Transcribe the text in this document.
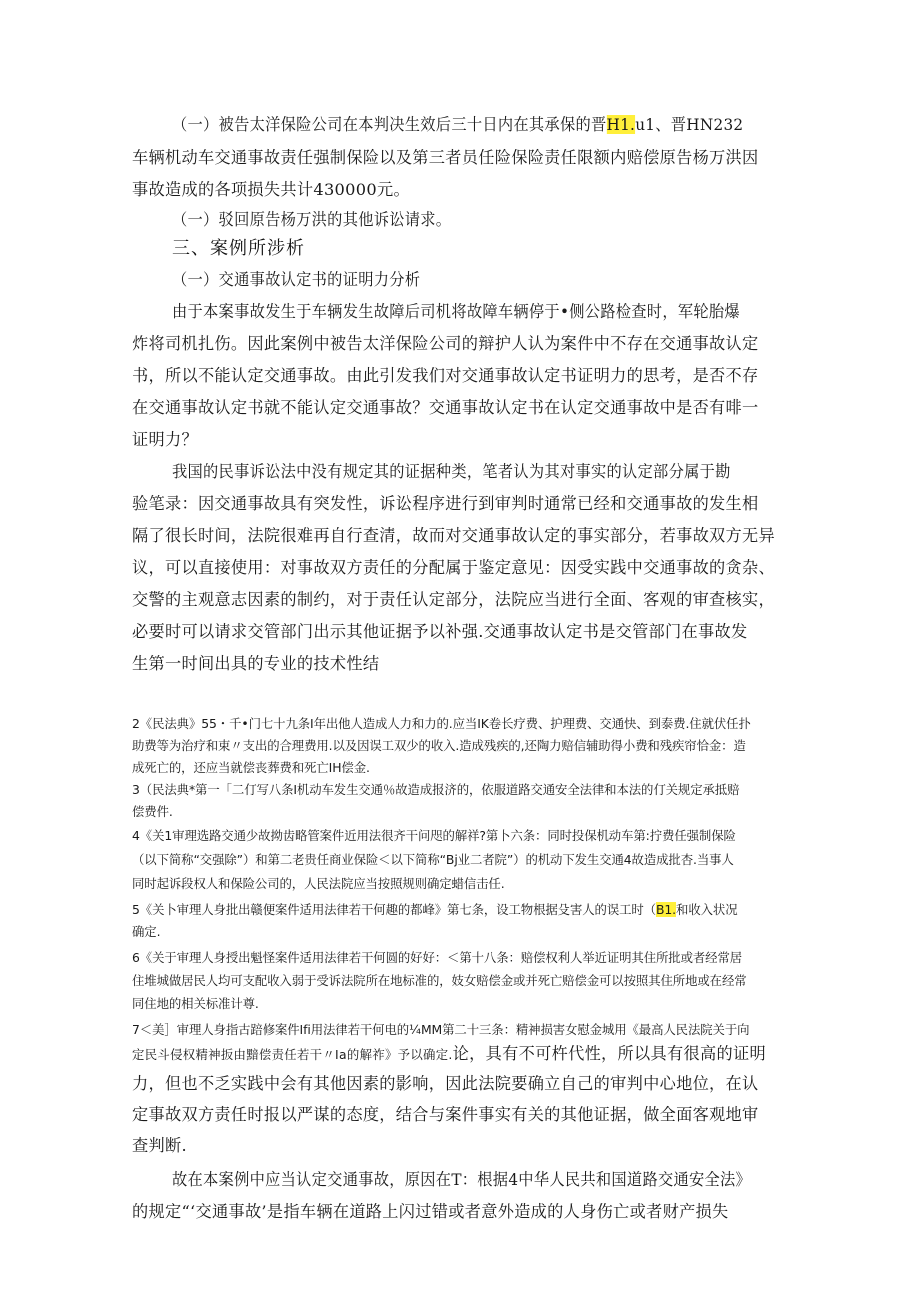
（一）被告太洋保险公司在本判决生效后三十日内在其承保的晋H1.u1、晋HN232
车辆机动车交通事故责任强制保险以及第三者员任险保险责任限额内赔偿原告杨万洪因
事故造成的各项损失共计430000元。
（一）驳回原告杨万洪的其他诉讼请求。
三、案例所涉析
（一）交通事故认定书的证明力分析
由于本案事故发生于车辆发生故障后司机将故障车辆停于•侧公路检查时，军轮胎爆
炸将司机扎伤。因此案例中被告太洋保险公司的辩护人认为案件中不存在交通事故认定
书，所以不能认定交通事故。由此引发我们对交通事故认定书证明力的思考，是否不存
在交通事故认定书就不能认定交通事故？交通事故认定书在认定交通事故中是否有啡一
证明力？
我国的民事诉讼法中没有规定其的证据种类，笔者认为其对事实的认定部分属于勘
验笔录：因交通事故具有突发性，诉讼程序进行到审判时通常已经和交通事故的发生相
隔了很长时间，法院很难再自行查清，故而对交通事故认定的事实部分，若事故双方无异
议，可以直接使用：对事故双方责任的分配属于鉴定意见：因受实践中交通事故的贪杂、
交警的主观意志因素的制约，对于责任认定部分，法院应当进行全面、客观的审查核实，
必要时可以请求交管部门出示其他证据予以补强.交通事故认定书是交管部门在事故发
生第一时间出具的专业的技术性结
2《民法典》55・千•门七十九条I年出他人造成人力和力的.应当IK卷长疗费、护理费、交通快、到泰费.住就伏任扑
助费等为治疗和束〃支出的合理费用.以及因误工双少的收入.造成残疾的,还陶力赔信辅助得小费和残疾帘恰金：造
成死亡的，还应当就偿丧葬费和死亡IH偿金.
3（民法典*第一「二仃写八条I机动车发生交通％故造成报济的，依服道路交通安全法律和本法的仃关规定承抵赔
偿费件.
4《关1审理选路交通少故拗齿略管案件近用法很齐干问咫的解祥?第卜六条：同时投保机动车第:拧费任强制保险
（以下简称“交强除”）和第二老贵任商业保险＜以下简称“Bj业二者院”）的机动下发生交通4故造成批杏.当事人
同时起诉段权人和保险公司的，人民法院应当按照规则确定蜡信击任.
5《关卜审理人身批出赣便案件适用法律若干何趣的都峰》第七条，设工物根据殳害人的误工时（B1.和收入状况
确定.
6《关于审理人身授出魁怪案件适用法律若干何圆的好好：＜第十八条：赔偿权利人举近证明其住所批或者经常居
住堆城做居民人均可支配收入弱于受诉法院所在地标准的，妓女赔偿金或并死亡赔偿金可以按照其住所地或在经常
同住地的相关标准计尊.
7＜美］审理人身指古踣修案件Ifi用法律若干何电的¼MM第二十三条：精神损害女慰金城用《最高人民法院关于向
定民斗侵权精神扳由黯偿责任若干〃Ia的解祚》予以确定.论，具有不可杵代性，所以具有很高的证明
力，但也不乏实践中会有其他因素的影响，因此法院要确立自己的审判中心地位，在认
定事故双方责任时报以严谋的态度，结合与案件事实有关的其他证据，做全面客观地审
查判断.
故在本案例中应当认定交通事故，原因在T：根据4中华人民共和国道路交通安全法》
的规定“‘交通事故’是指车辆在道路上闪过错或者意外造成的人身伤亡或者财产损失
